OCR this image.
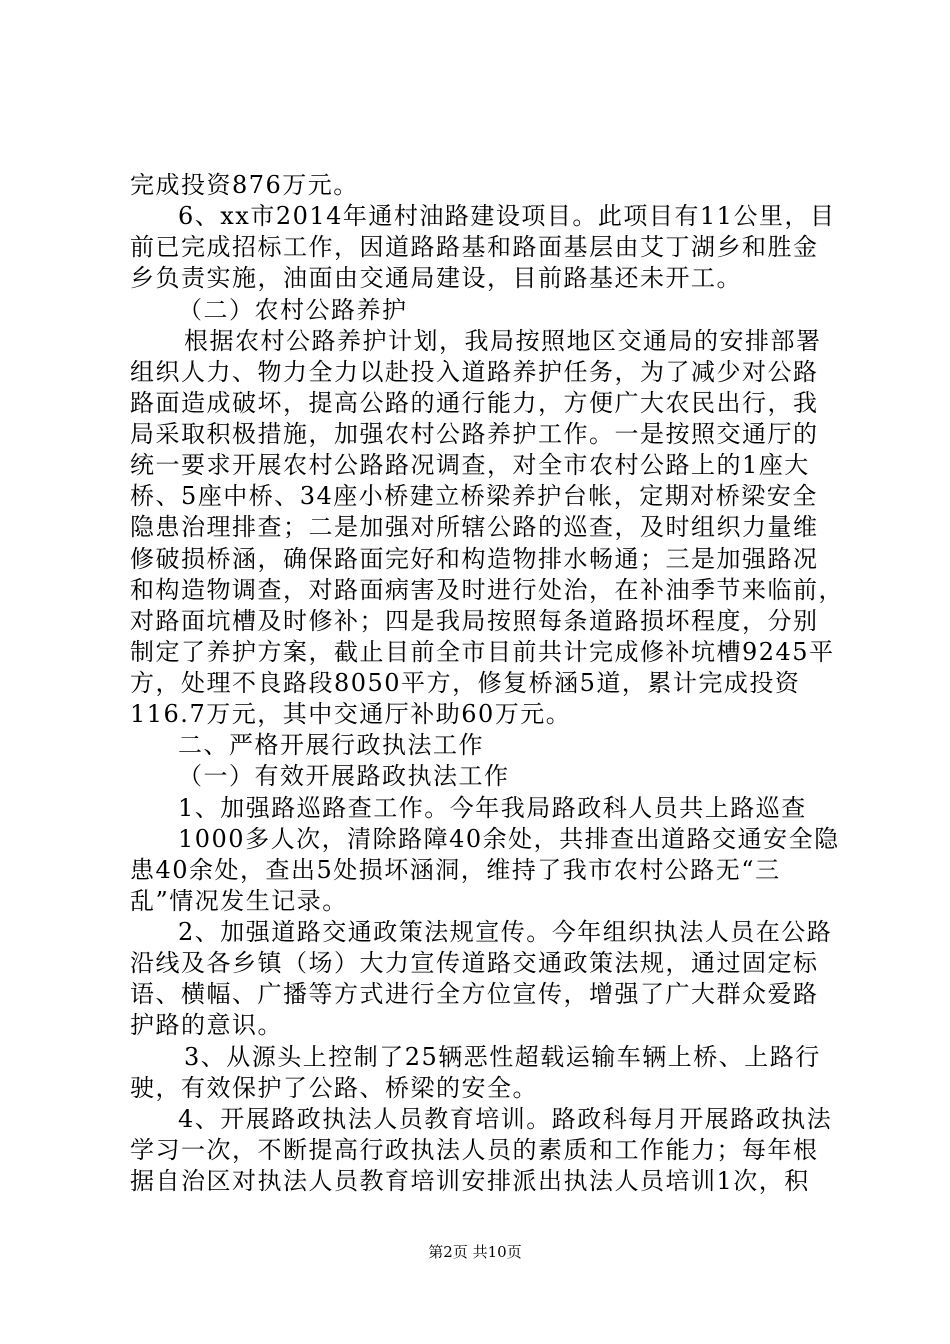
完成投资876万元。
6、xx市2014年通村油路建设项目。此项目有11公里，目
前已完成招标工作，因道路路基和路面基层由艾丁湖乡和胜金
乡负责实施，油面由交通局建设，目前路基还未开工。
（二）农村公路养护
根据农村公路养护计划，我局按照地区交通局的安排部署
组织人力、物力全力以赴投入道路养护任务，为了减少对公路
路面造成破坏，提高公路的通行能力，方便广大农民出行，我
局采取积极措施，加强农村公路养护工作。一是按照交通厅的
统一要求开展农村公路路况调查，对全市农村公路上的1座大
桥、5座中桥、34座小桥建立桥梁养护台帐，定期对桥梁安全
隐患治理排查；二是加强对所辖公路的巡查，及时组织力量维
修破损桥涵，确保路面完好和构造物排水畅通；三是加强路况
和构造物调查，对路面病害及时进行处治，在补油季节来临前，
对路面坑槽及时修补；四是我局按照每条道路损坏程度，分别
制定了养护方案，截止目前全市目前共计完成修补坑槽9245平
方，处理不良路段8050平方，修复桥涵5道，累计完成投资
116.7万元，其中交通厅补助60万元。
二、严格开展行政执法工作
（一）有效开展路政执法工作
1、加强路巡路查工作。今年我局路政科人员共上路巡查
1000多人次，清除路障40余处，共排查出道路交通安全隐
患40余处，查出5处损坏涵洞，维持了我市农村公路无“三
乱”情况发生记录。
2、加强道路交通政策法规宣传。今年组织执法人员在公路
沿线及各乡镇（场）大力宣传道路交通政策法规，通过固定标
语、横幅、广播等方式进行全方位宣传，增强了广大群众爱路
护路的意识。
3、从源头上控制了25辆恶性超载运输车辆上桥、上路行
驶，有效保护了公路、桥梁的安全。
4、开展路政执法人员教育培训。路政科每月开展路政执法
学习一次，不断提高行政执法人员的素质和工作能力；每年根
据自治区对执法人员教育培训安排派出执法人员培训1次，积
第2页 共10页
